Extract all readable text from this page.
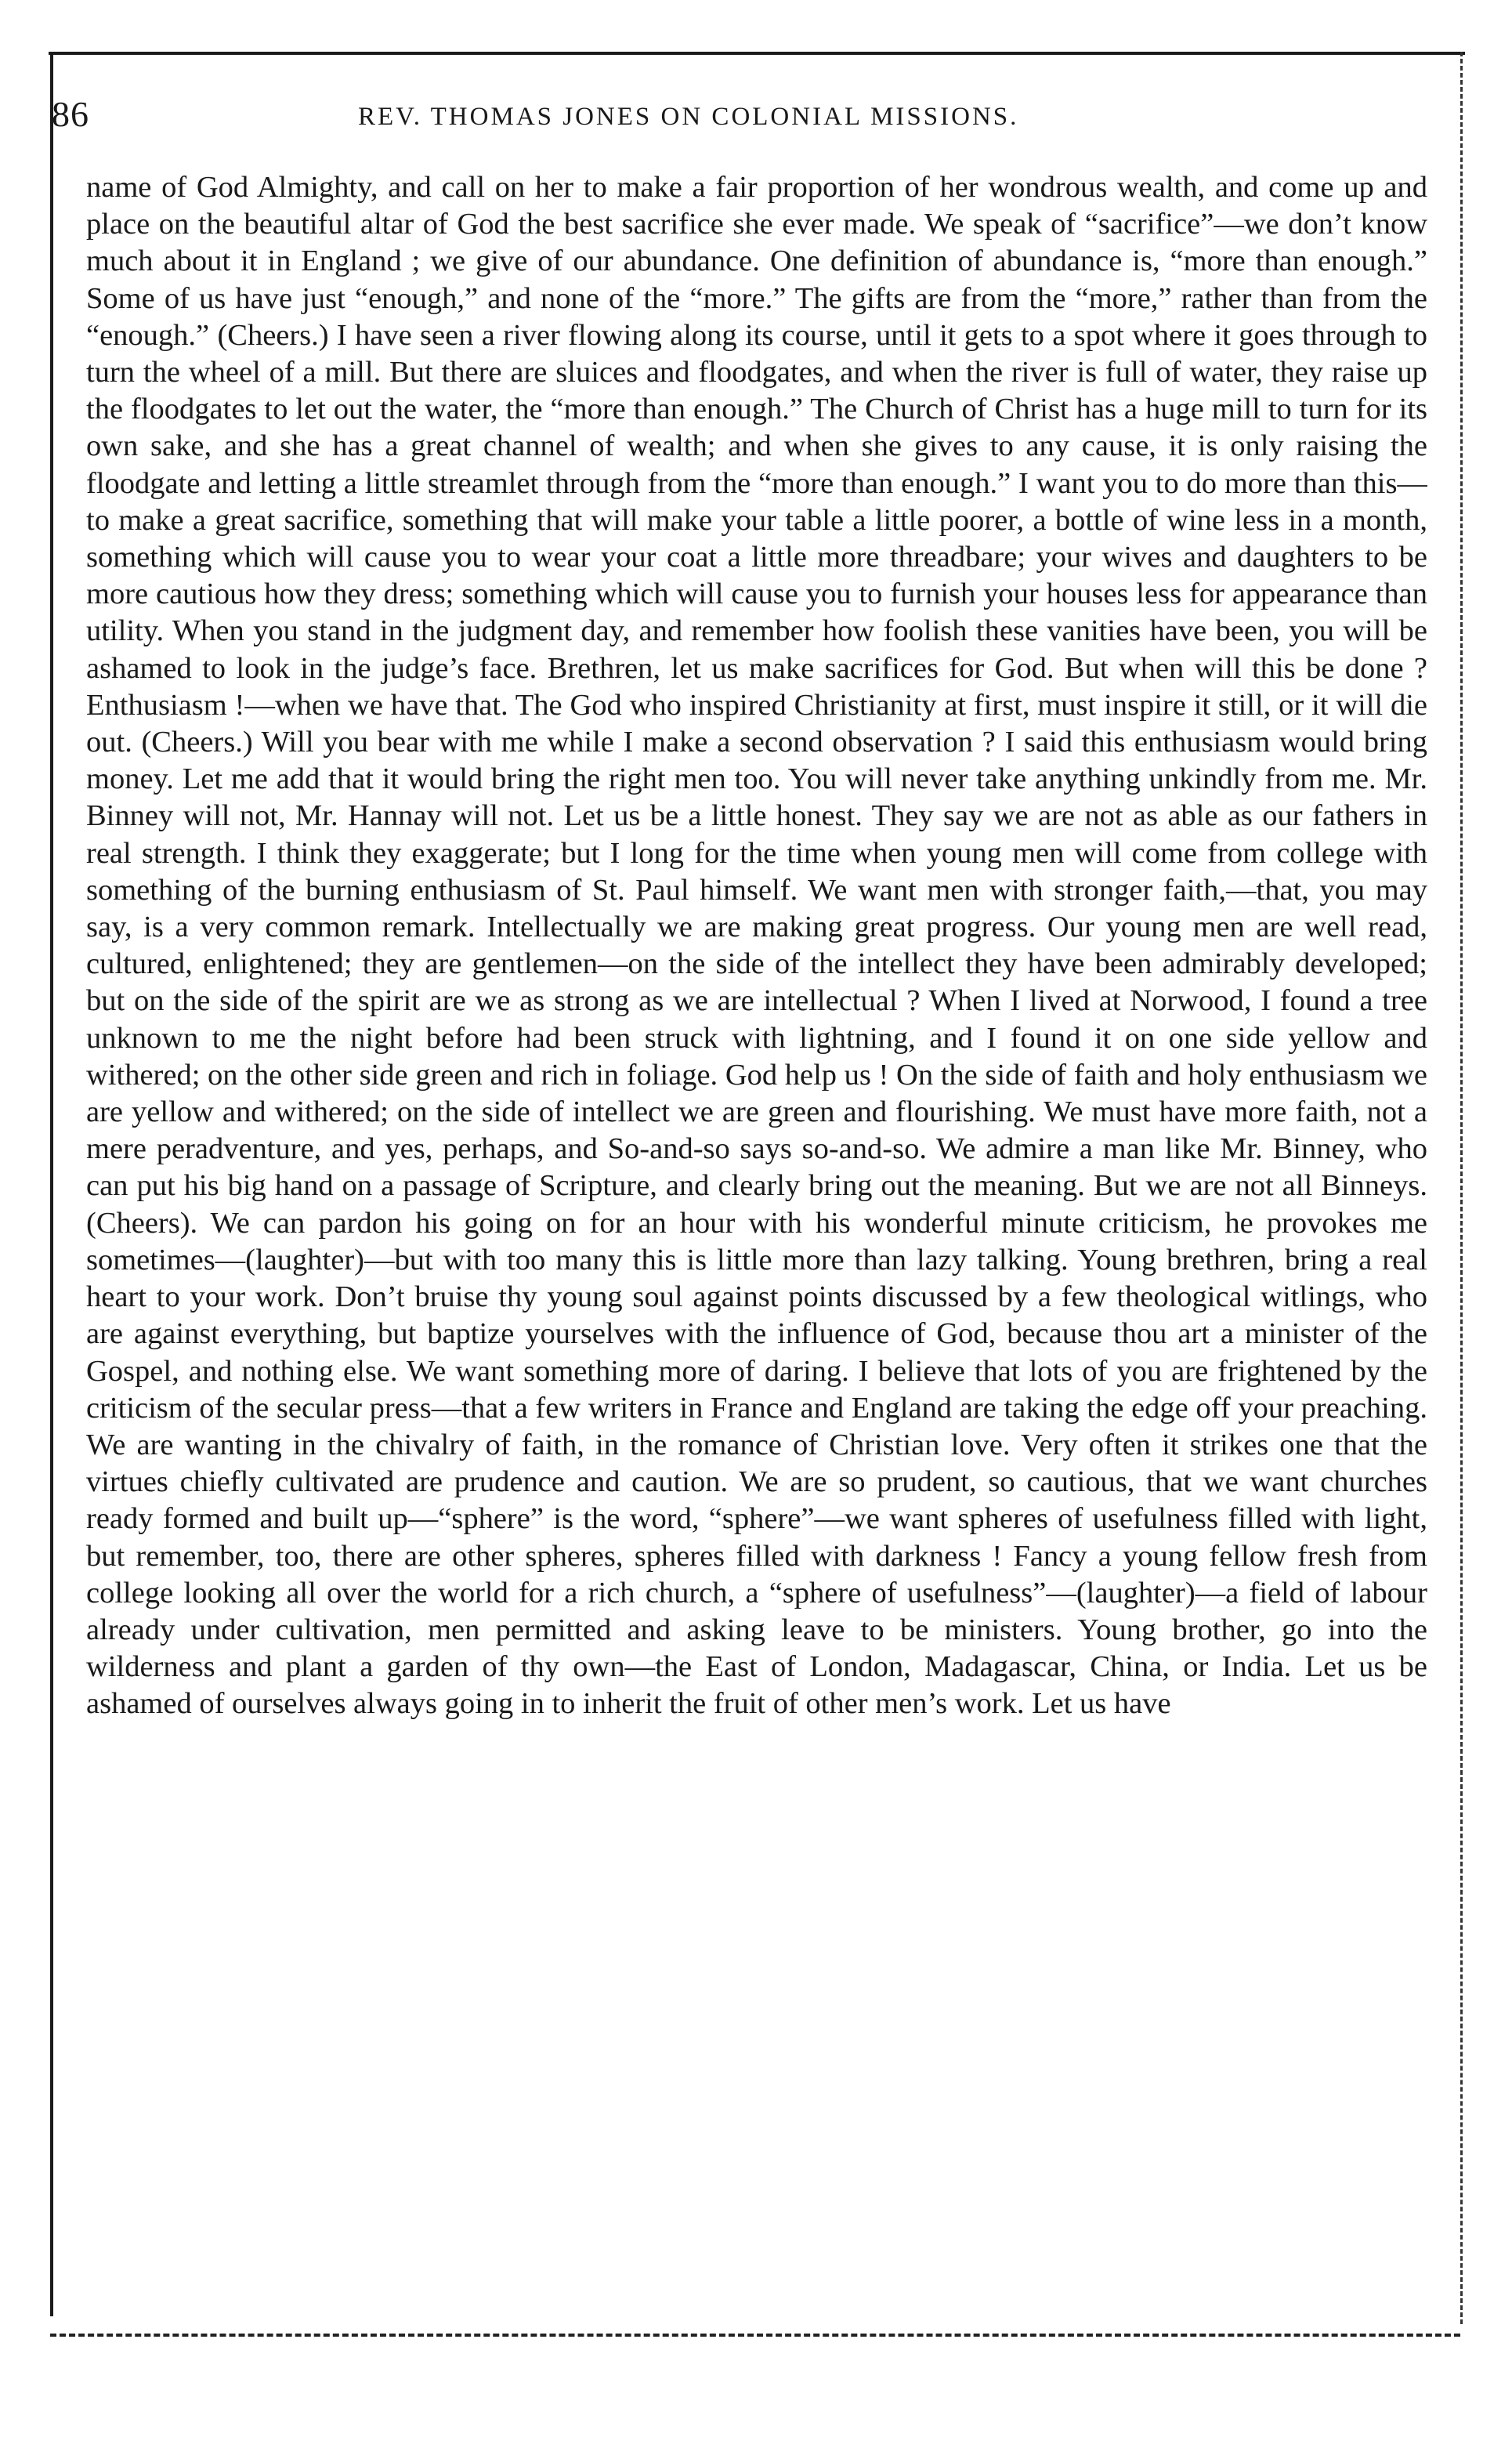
86	REV. THOMAS JONES ON COLONIAL MISSIONS.

name of God Almighty, and call on her to make a fair proportion of her wondrous wealth, and come up and place on the beautiful altar of God the best sacrifice she ever made. We speak of “sacrifice”—we don’t know much about it in England ; we give of our abundance. One definition of abundance is, “more than enough.” Some of us have just “enough,” and none of the “more.” The gifts are from the “more,” rather than from the “enough.” (Cheers.) I have seen a river flowing along its course, until it gets to a spot where it goes through to turn the wheel of a mill. But there are sluices and floodgates, and when the river is full of water, they raise up the floodgates to let out the water, the “more than enough.” The Church of Christ has a huge mill to turn for its own sake, and she has a great channel of wealth; and when she gives to any cause, it is only raising the floodgate and letting a little streamlet through from the “more than enough.” I want you to do more than this—to make a great sacrifice, something that will make your table a little poorer, a bottle of wine less in a month, something which will cause you to wear your coat a little more threadbare; your wives and daughters to be more cautious how they dress; something which will cause you to furnish your houses less for appearance than utility. When you stand in the judgment day, and remember how foolish these vanities have been, you will be ashamed to look in the judge’s face. Brethren, let us make sacrifices for God. But when will this be done ? Enthusiasm !—when we have that. The God who inspired Christianity at first, must inspire it still, or it will die out. (Cheers.) Will you bear with me while I make a second observation ? I said this enthusiasm would bring money. Let me add that it would bring the right men too. You will never take anything unkindly from me. Mr. Binney will not, Mr. Hannay will not. Let us be a little honest. They say we are not as able as our fathers in real strength. I think they exaggerate; but I long for the time when young men will come from college with something of the burning enthusiasm of St. Paul himself. We want men with stronger faith,—that, you may say, is a very common remark. Intellectually we are making great progress. Our young men are well read, cultured, enlightened; they are gentlemen—on the side of the intellect they have been admirably developed; but on the side of the spirit are we as strong as we are intellectual ? When I lived at Norwood, I found a tree unknown to me the night before had been struck with lightning, and I found it on one side yellow and withered; on the other side green and rich in foliage. God help us ! On the side of faith and holy enthusiasm we are yellow and withered; on the side of intellect we are green and flourishing. We must have more faith, not a mere peradventure, and yes, perhaps, and So-and-so says so-and-so. We admire a man like Mr. Binney, who can put his big hand on a passage of Scripture, and clearly bring out the meaning. But we are not all Binneys. (Cheers). We can pardon his going on for an hour with his wonderful minute criticism, he provokes me sometimes—(laughter)—but with too many this is little more than lazy talking. Young brethren, bring a real heart to your work. Don’t bruise thy young soul against points discussed by a few theological witlings, who are against everything, but baptize yourselves with the influence of God, because thou art a minister of the Gospel, and nothing else. We want something more of daring. I believe that lots of you are frightened by the criticism of the secular press—that a few writers in France and England are taking the edge off your preaching. We are wanting in the chivalry of faith, in the romance of Christian love. Very often it strikes one that the virtues chiefly cultivated are prudence and caution. We are so prudent, so cautious, that we want churches ready formed and built up—“sphere” is the word, “sphere”—we want spheres of usefulness filled with light, but remember, too, there are other spheres, spheres filled with darkness ! Fancy a young fellow fresh from college looking all over the world for a rich church, a “sphere of usefulness”—(laughter)—a field of labour already under cultivation, men permitted and asking leave to be ministers. Young brother, go into the wilderness and plant a garden of thy own—the East of London, Madagascar, China, or India. Let us be ashamed of ourselves always going in to inherit the fruit of other men’s work. Let us have
